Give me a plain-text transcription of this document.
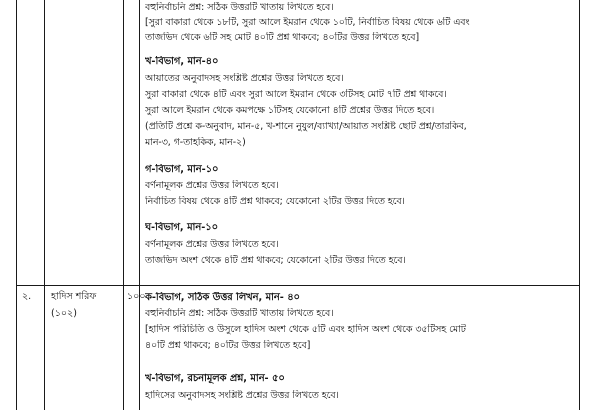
বহুনির্বাচনি প্রশ্ন: সঠিক উত্তরটি খাতায় লিখতে হবে।
[সুরা বাকারা থেকে ১৮টি, সুরা আলে ইমরান থেকে ১০টি, নির্বাচিত বিষয় থেকে ৬টি এবং
তাজভিদ থেকে ৬টি সহ মোট ৪০টি প্রশ্ন থাকবে; ৪০টির উত্তর লিখতে হবে]
খ-বিভাগ, মান-৪০
আয়াতের অনুবাদসহ সংশ্লিষ্ট প্রশ্নের উত্তর লিখতে হবে।
সুরা বাকারা থেকে ৪টি এবং সুরা আলে ইমরান থেকে ৩টিসহ মোট ৭টি প্রশ্ন থাকবে।
সুরা আলে ইমরান থেকে কমপক্ষে ১টিসহ যেকোনো ৪টি প্রশ্নের উত্তর দিতে হবে।
(প্রতিটি প্রশ্নে ক-অনুবাদ, মান-৫, খ-শানে নুযুল/ব্যাখ্যা/আয়াত সংশ্লিষ্ট ছোট প্রশ্ন/তারকিব,
মান-৩, গ-তাহকিক, মান-২)
গ-বিভাগ, মান-১০
বর্ণনামূলক প্রশ্নের উত্তর লিখতে হবে।
নির্বাচিত বিষয় থেকে ৪টি প্রশ্ন থাকবে; যেকোনো ২টির উত্তর দিতে হবে।
ঘ-বিভাগ, মান-১০
বর্ণনামূলক প্রশ্নের উত্তর লিখতে হবে।
তাজভিদ অংশ থেকে ৪টি প্রশ্ন থাকবে; যেকোনো ২টির উত্তর দিতে হবে।
২. হাদিস শরিফ
(১০২)
১০০ ক-বিভাগ, সঠিক উত্তর লিখন, মান- ৪০
বহুনির্বাচনি প্রশ্ন: সঠিক উত্তরটি খাতায় লিখতে হবে।
[হাদিস পরিচিতি ও উসুলে হাদিস অংশ থেকে ৫টি এবং হাদিস অংশ থেকে ৩৫টিসহ মোট
৪০টি প্রশ্ন থাকবে; ৪০টির উত্তর লিখতে হবে]
খ-বিভাগ, রচনামূলক প্রশ্ন, মান- ৫০
হাদিসের অনুবাদসহ সংশ্লিষ্ট প্রশ্নের উত্তর লিখতে হবে।
